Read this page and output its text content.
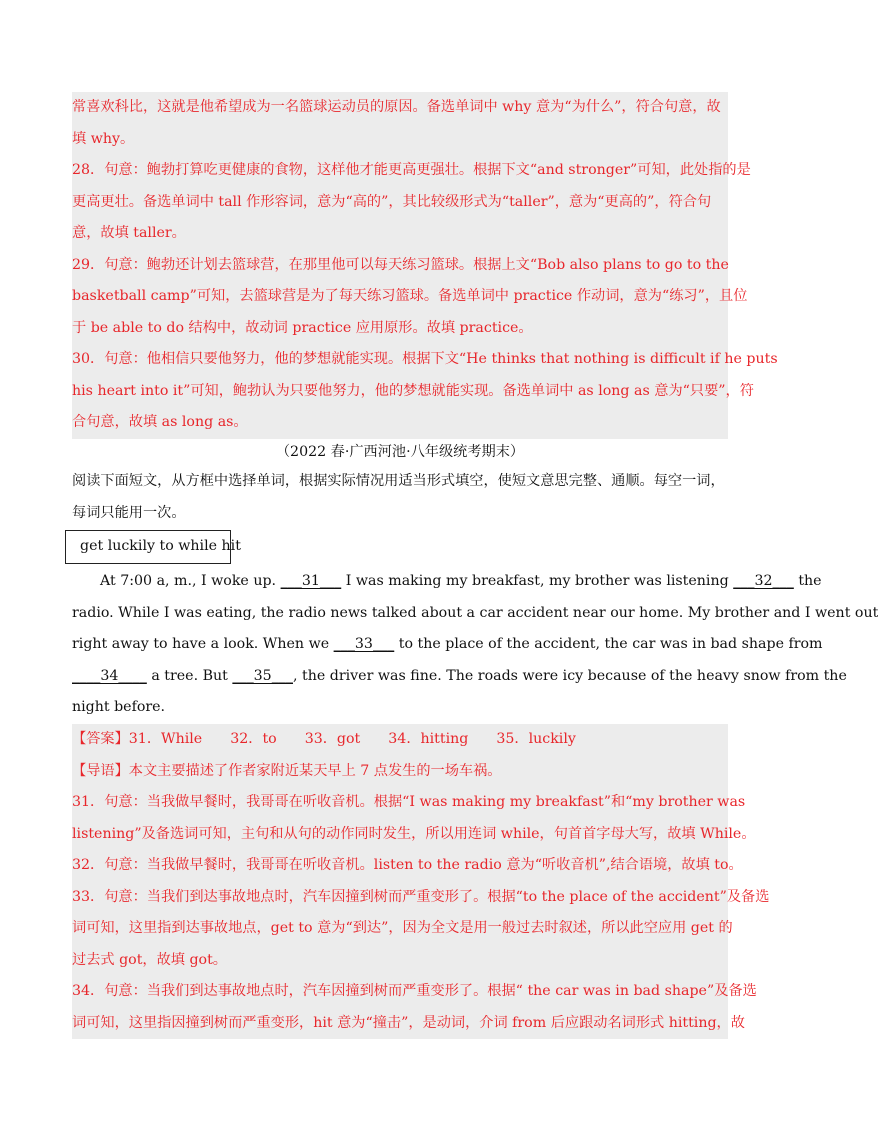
常喜欢科比，这就是他希望成为一名篮球运动员的原因。备选单词中 why 意为“为什么”，符合句意，故
填 why。
28．句意：鲍勃打算吃更健康的食物，这样他才能更高更强壮。根据下文“and stronger”可知，此处指的是
更高更壮。备选单词中 tall 作形容词，意为“高的”，其比较级形式为“taller”，意为“更高的”，符合句
意，故填 taller。
29．句意：鲍勃还计划去篮球营，在那里他可以每天练习篮球。根据上文“Bob also plans to go to the
basketball camp”可知，去篮球营是为了每天练习篮球。备选单词中 practice 作动词，意为“练习”，且位
于 be able to do 结构中，故动词 practice 应用原形。故填 practice。
30．句意：他相信只要他努力，他的梦想就能实现。根据下文“He thinks that nothing is difficult if he puts
his heart into it”可知，鲍勃认为只要他努力，他的梦想就能实现。备选单词中 as long as 意为“只要”，符
合句意，故填 as long as。
（2022 春·广西河池·八年级统考期末）
阅读下面短文，从方框中选择单词，根据实际情况用适当形式填空，使短文意思完整、通顺。每空一词，
每词只能用一次。
get luckily to while hit
At 7:00 a, m., I woke up. ___31___ I was making my breakfast, my brother was listening ___32___ the
radio. While I was eating, the radio news talked about a car accident near our home. My brother and I went out
right away to have a look. When we ___33___ to the place of the accident, the car was in bad shape from
____34____ a tree. But ___35___, the driver was fine. The roads were icy because of the heavy snow from the
night before.
【答案】31．While 32．to 33．got 34．hitting 35．luckily
【导语】本文主要描述了作者家附近某天早上 7 点发生的一场车祸。
31．句意：当我做早餐时，我哥哥在听收音机。根据“I was making my breakfast”和“my brother was
listening”及备选词可知，主句和从句的动作同时发生，所以用连词 while，句首首字母大写，故填 While。
32．句意：当我做早餐时，我哥哥在听收音机。listen to the radio 意为“听收音机”,结合语境，故填 to。
33．句意：当我们到达事故地点时，汽车因撞到树而严重变形了。根据“to the place of the accident”及备选
词可知，这里指到达事故地点，get to 意为“到达”，因为全文是用一般过去时叙述，所以此空应用 get 的
过去式 got，故填 got。
34．句意：当我们到达事故地点时，汽车因撞到树而严重变形了。根据“ the car was in bad shape”及备选
词可知，这里指因撞到树而严重变形，hit 意为“撞击”，是动词，介词 from 后应跟动名词形式 hitting，故
